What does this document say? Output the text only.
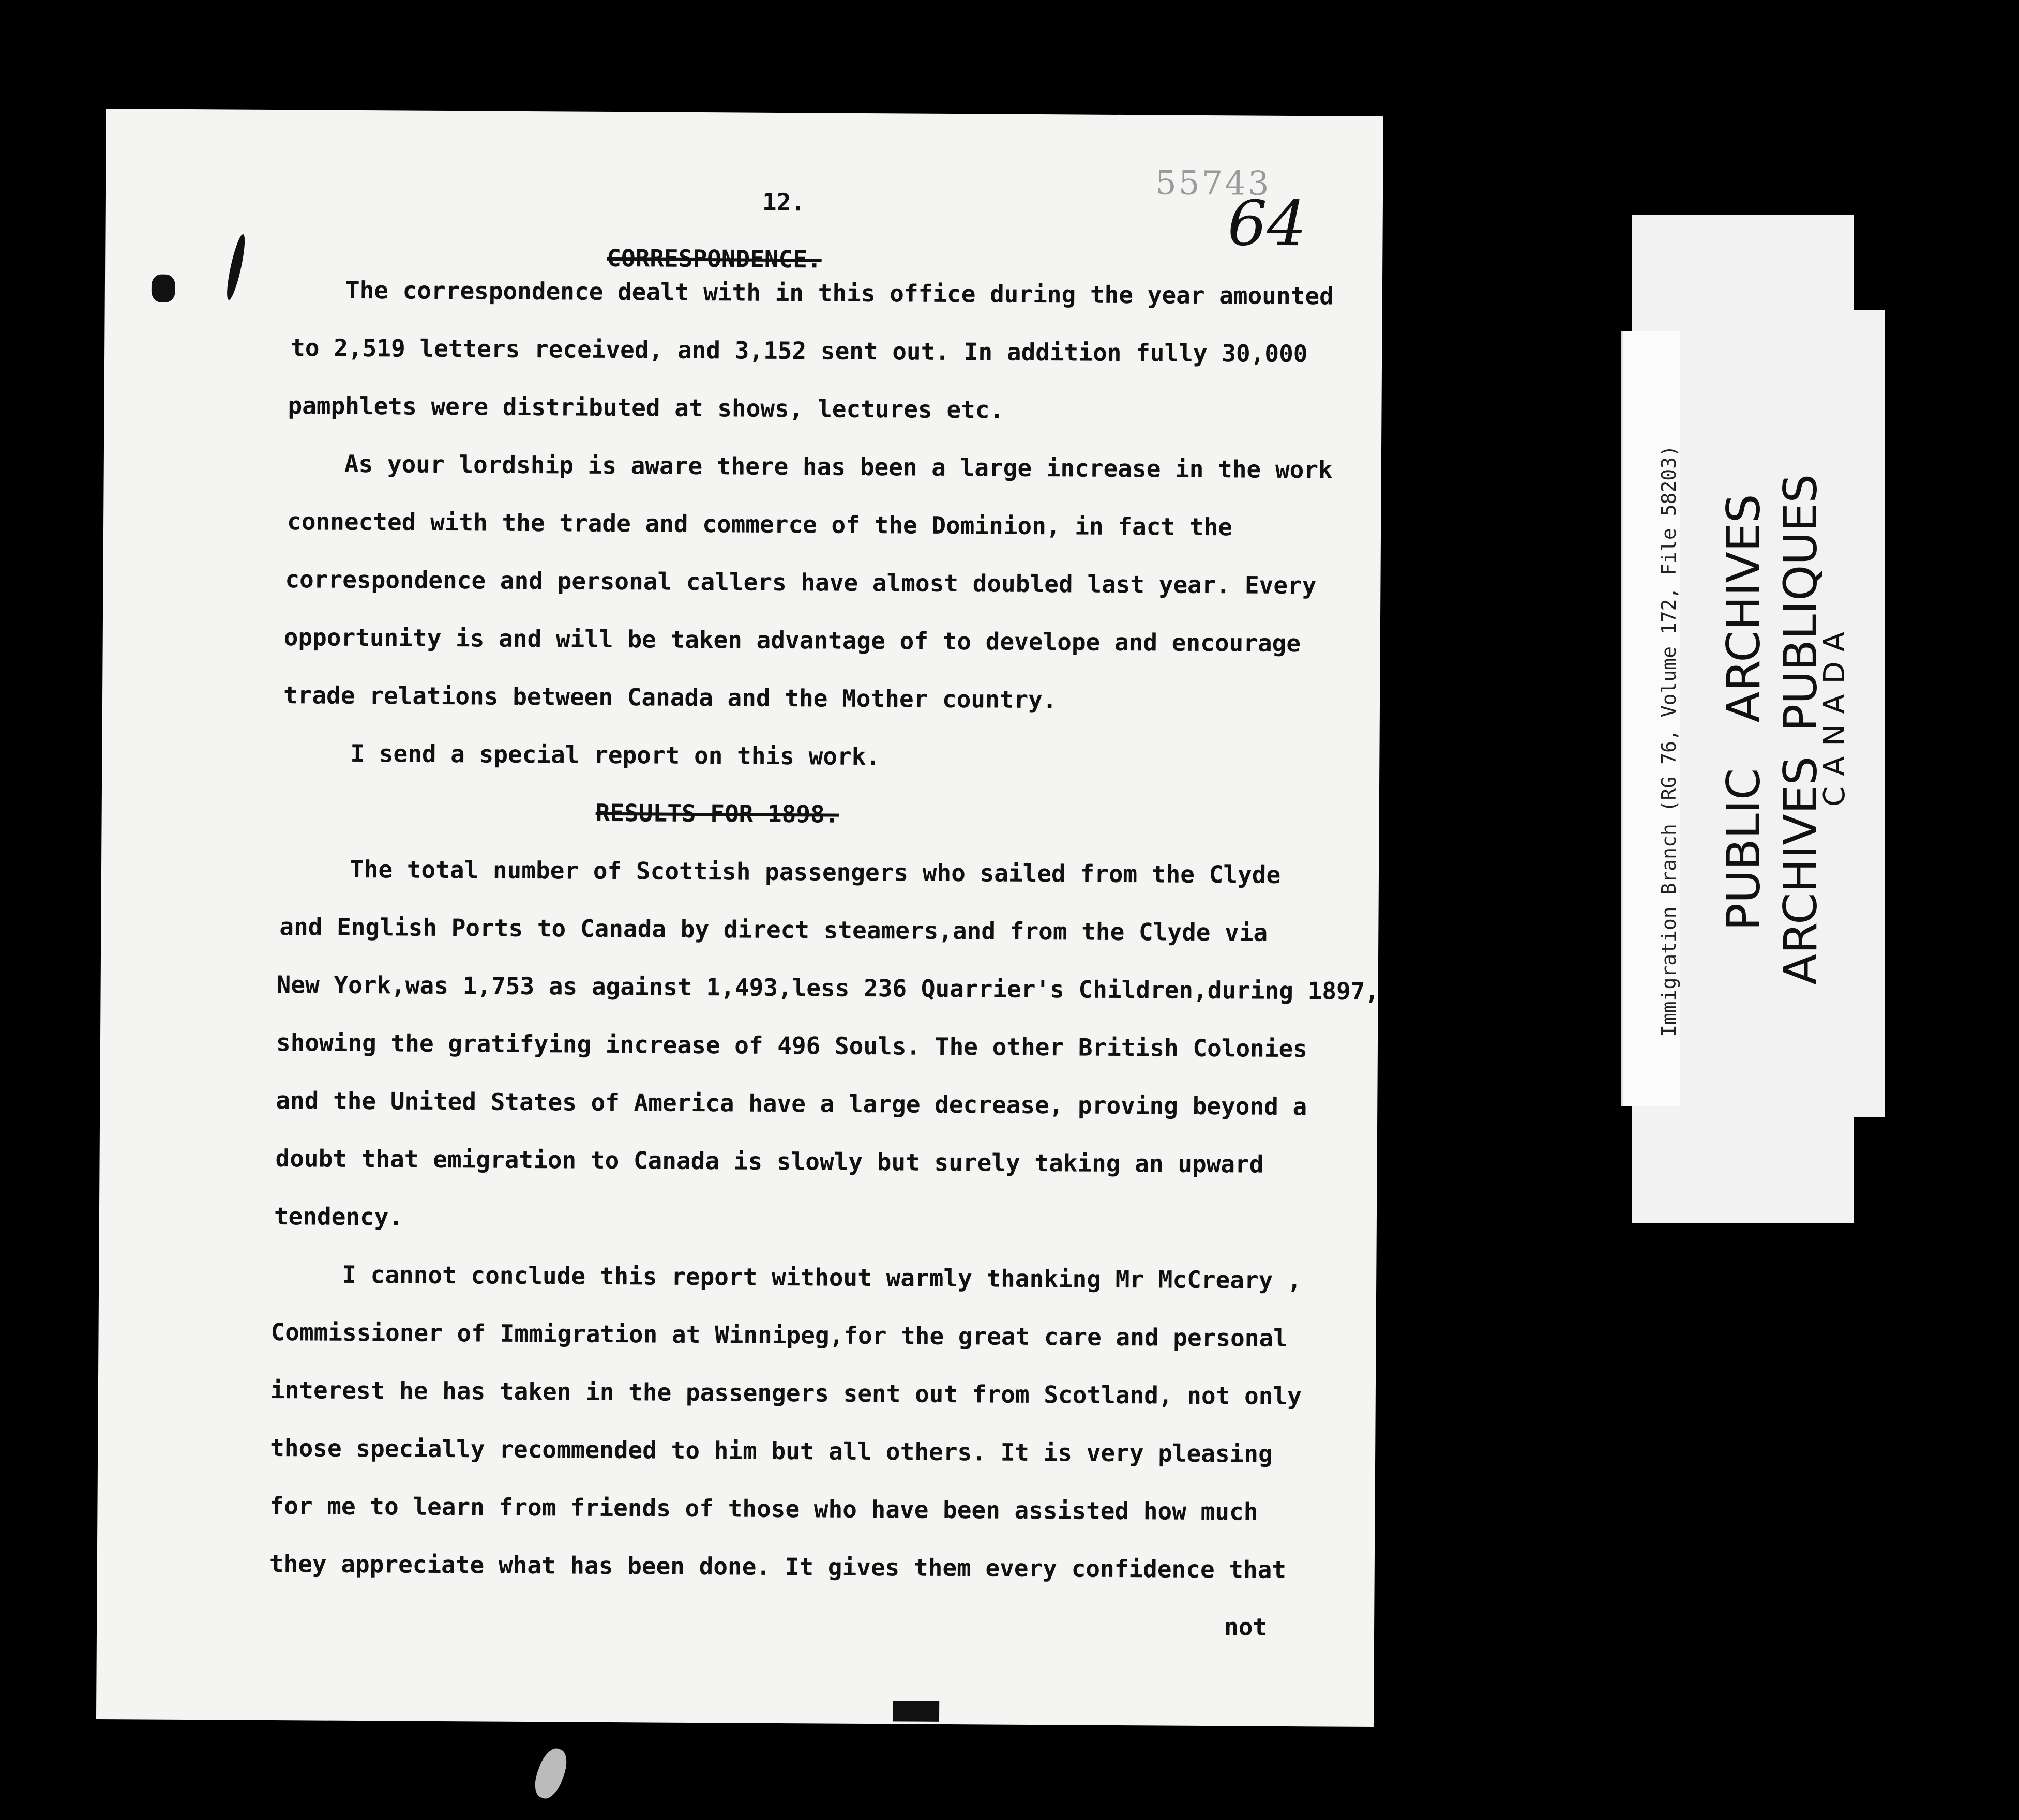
12.	55743
64

CORRESPONDENCE.

The correspondence dealt with in this office during the year amounted

to 2,519 letters received, and 3,152 sent out. In addition fully 30,000

pamphlets were distributed at shows, lectures etc.

As your lordship is aware there has been a large increase in the work

connected with the trade and commerce of the Dominion, in fact the

correspondence and personal callers have almost doubled last year. Every

opportunity is and will be taken advantage of to develope and encourage

trade relations between Canada and the Mother country.

I send a special report on this work.

RESULTS FOR 1898.

The total number of Scottish passengers who sailed from the Clyde

and English Ports to Canada by direct steamers,and from the Clyde via

New York,was 1,753 as against 1,493,less 236 Quarrier's Children,during 1897,

showing the gratifying increase of 496 Souls. The other British Colonies

and the United States of America have a large decrease, proving beyond a

doubt that emigration to Canada is slowly but surely taking an upward

tendency.

I cannot conclude this report without warmly thanking Mr McCreary ,

Commissioner of Immigration at Winnipeg,for the great care and personal

interest he has taken in the passengers sent out from Scotland, not only

those specially recommended to him but all others. It is very pleasing

for me to learn from friends of those who have been assisted how much

they appreciate what has been done. It gives them every confidence that

not

Immigration Branch (RG 76, Volume 172, File 58203) PUBLIC ARCHIVES ARCHIVES PUBLIQUES
CANADA
